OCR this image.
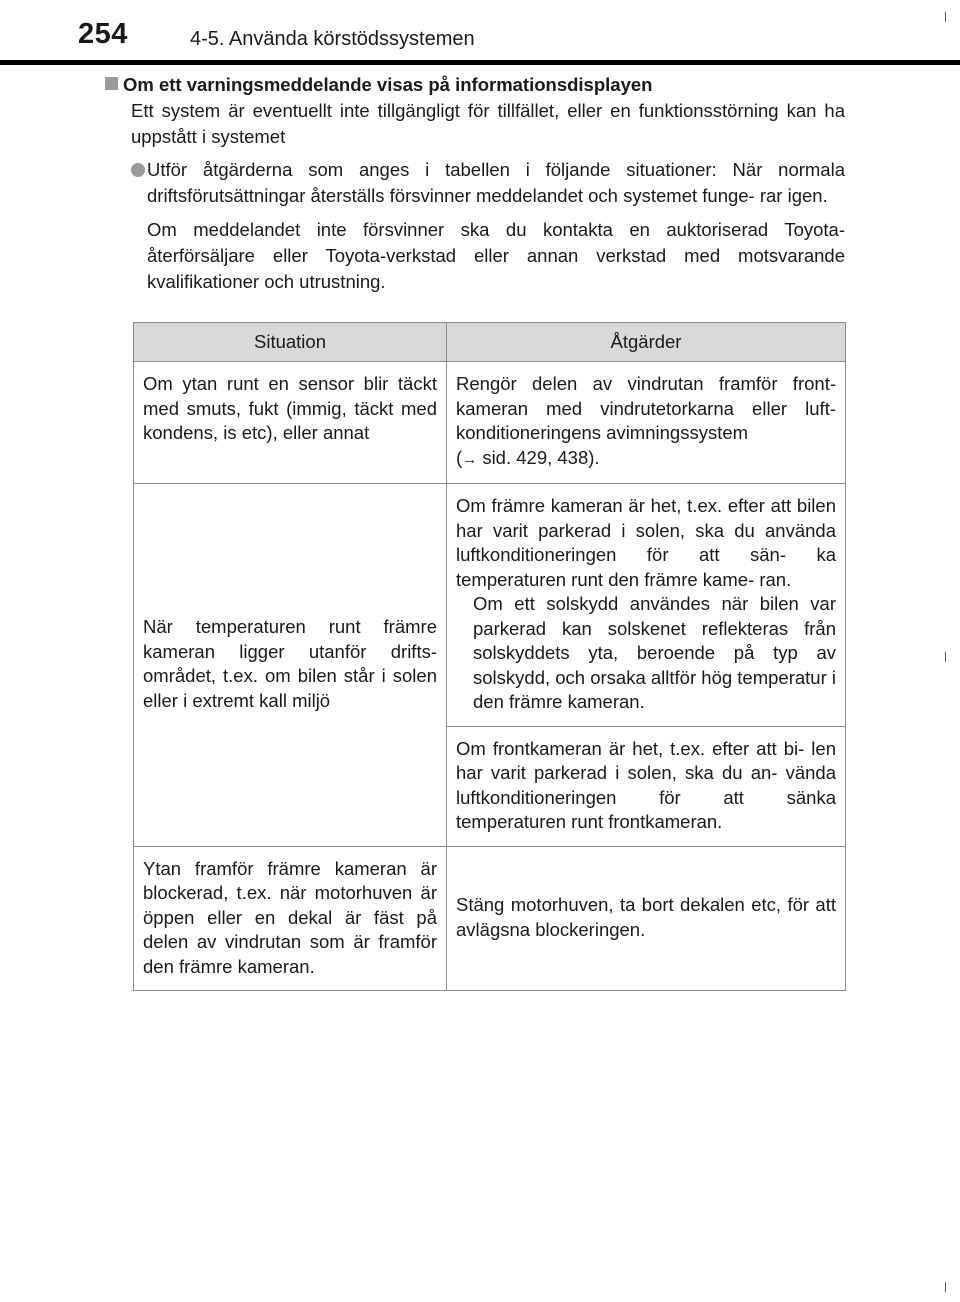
254	4-5. Använda körstödssystemen
Om ett varningsmeddelande visas på informationsdisplayen
Ett system är eventuellt inte tillgängligt för tillfället, eller en funktionsstörning kan ha uppstått i systemet
Utför åtgärderna som anges i tabellen i följande situationer: När normala driftsförutsättningar återställs försvinner meddelandet och systemet funge- rar igen.
Om meddelandet inte försvinner ska du kontakta en auktoriserad Toyota- återförsäljare eller Toyota-verkstad eller annan verkstad med motsvarande kvalifikationer och utrustning.
Situation	Åtgärder
Om ytan runt en sensor blir täckt med smuts, fukt (immig, täckt med kondens, is etc), eller annat	Rengör delen av vindrutan framför front- kameran med vindrutetorkarna eller luft- konditioneringens avimningssystem
(→ sid. 429, 438).
När temperaturen runt främre kameran ligger utanför drifts- området, t.ex. om bilen står i solen eller i extremt kall miljö	Om främre kameran är het, t.ex. efter att bilen har varit parkerad i solen, ska du använda luftkonditioneringen för att sän- ka temperaturen runt den främre kame- ran.
Om ett solskydd användes när bilen var parkerad kan solskenet reflekteras från solskyddets yta, beroende på typ av solskydd, och orsaka alltför hög temperatur i den främre kameran.

	Om frontkameran är het, t.ex. efter att bi- len har varit parkerad i solen, ska du an- vända luftkonditioneringen för att sänka temperaturen runt frontkameran.
Ytan framför främre kameran är blockerad, t.ex. när motorhuven är öppen eller en dekal är fäst på delen av vindrutan som är framför den främre kameran.	Stäng motorhuven, ta bort dekalen etc, för att avlägsna blockeringen.
